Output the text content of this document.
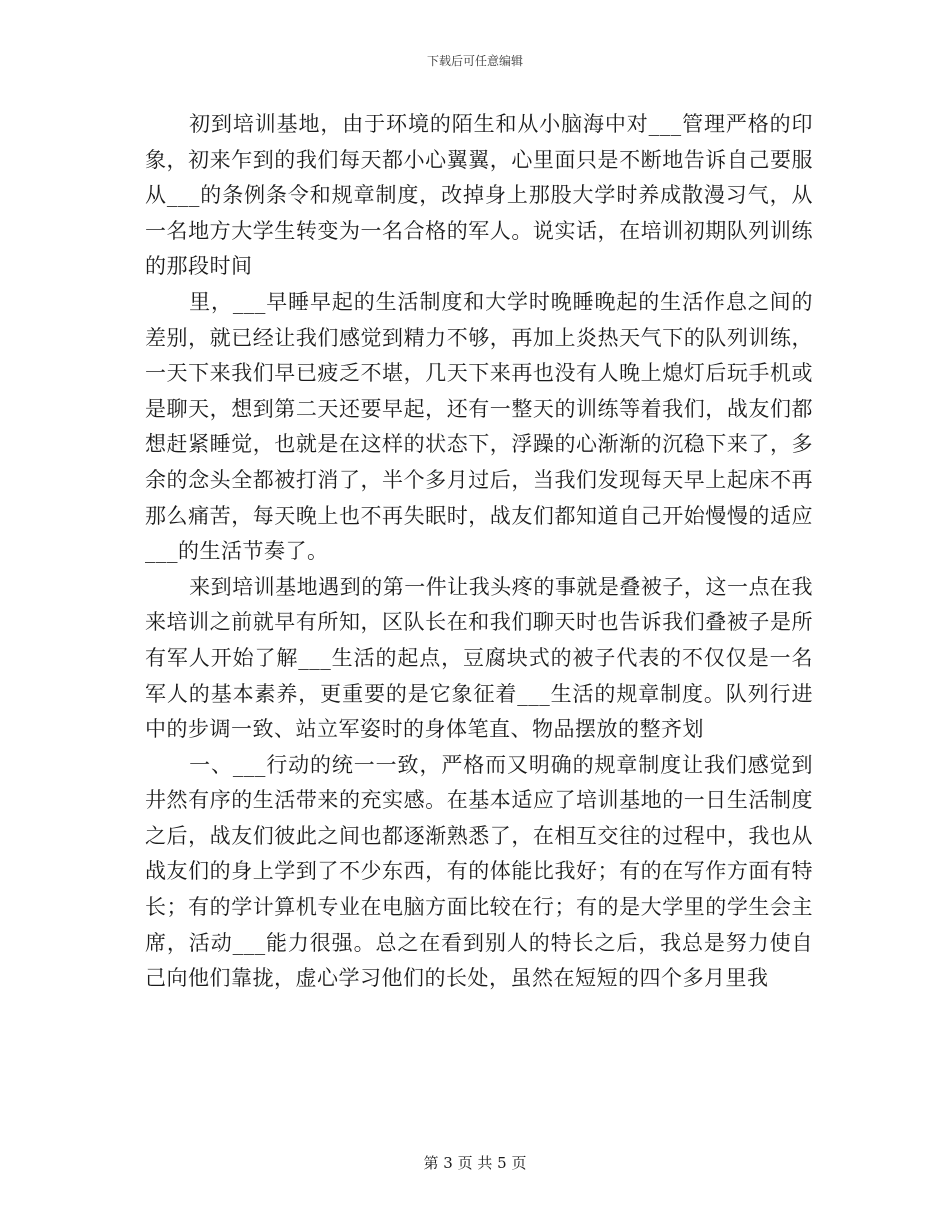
下载后可任意编辑

初到培训基地，由于环境的陌生和从小脑海中对___管理严格的印象，初来乍到的我们每天都小心翼翼，心里面只是不断地告诉自己要服从___的条例条令和规章制度，改掉身上那股大学时养成散漫习气，从一名地方大学生转变为一名合格的军人。说实话，在培训初期队列训练的那段时间

里，___早睡早起的生活制度和大学时晚睡晚起的生活作息之间的差别，就已经让我们感觉到精力不够，再加上炎热天气下的队列训练，一天下来我们早已疲乏不堪，几天下来再也没有人晚上熄灯后玩手机或是聊天，想到第二天还要早起，还有一整天的训练等着我们，战友们都想赶紧睡觉，也就是在这样的状态下，浮躁的心渐渐的沉稳下来了，多余的念头全都被打消了，半个多月过后，当我们发现每天早上起床不再那么痛苦，每天晚上也不再失眠时，战友们都知道自己开始慢慢的适应___的生活节奏了。

来到培训基地遇到的第一件让我头疼的事就是叠被子，这一点在我来培训之前就早有所知，区队长在和我们聊天时也告诉我们叠被子是所有军人开始了解___生活的起点，豆腐块式的被子代表的不仅仅是一名军人的基本素养，更重要的是它象征着___生活的规章制度。队列行进中的步调一致、站立军姿时的身体笔直、物品摆放的整齐划

一、___行动的统一一致，严格而又明确的规章制度让我们感觉到井然有序的生活带来的充实感。在基本适应了培训基地的一日生活制度之后，战友们彼此之间也都逐渐熟悉了，在相互交往的过程中，我也从战友们的身上学到了不少东西，有的体能比我好；有的在写作方面有特长；有的学计算机专业在电脑方面比较在行；有的是大学里的学生会主席，活动___能力很强。总之在看到别人的特长之后，我总是努力使自己向他们靠拢，虚心学习他们的长处，虽然在短短的四个多月里我

第 3 页 共 5 页
